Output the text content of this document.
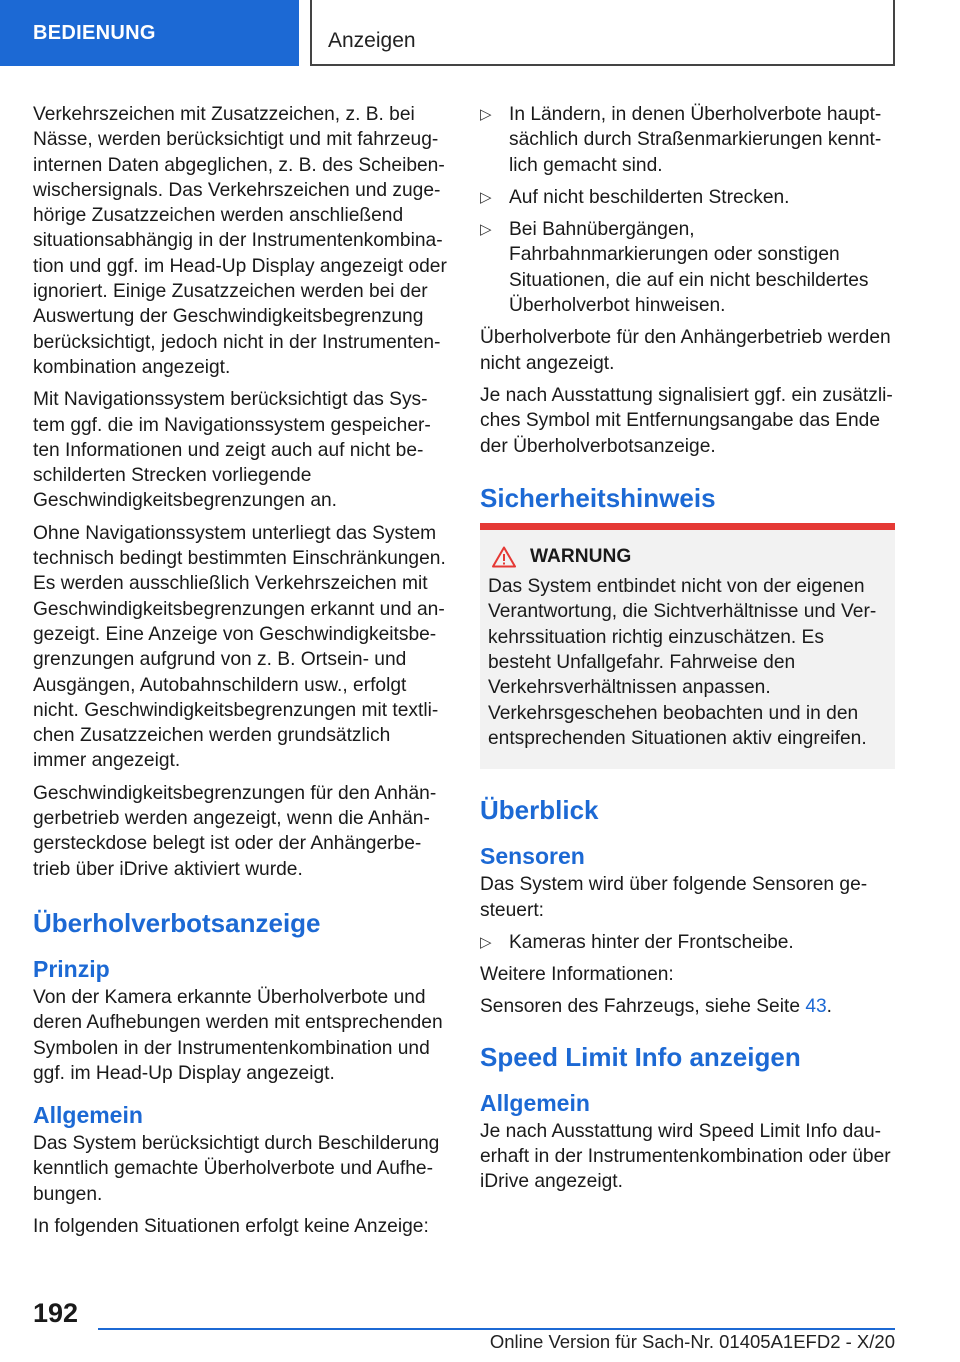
BEDIENUNG	Anzeigen

Verkehrszeichen mit Zusatzzeichen, z. B. bei Nässe, werden berücksichtigt und mit fahrzeuginternen Daten abgeglichen, z. B. des Scheibenwischersignals. Das Verkehrszeichen und zugehörige Zusatzzeichen werden anschließend situationsabhängig in der Instrumentenkombination und ggf. im Head-Up Display angezeigt oder ignoriert. Einige Zusatzzeichen werden bei der Auswertung der Geschwindigkeitsbegrenzung berücksichtigt, jedoch nicht in der Instrumentenkombination angezeigt.

Mit Navigationssystem berücksichtigt das System ggf. die im Navigationssystem gespeicherten Informationen und zeigt auch auf nicht beschilderten Strecken vorliegende Geschwindigkeitsbegrenzungen an.

Ohne Navigationssystem unterliegt das System technisch bedingt bestimmten Einschränkungen. Es werden ausschließlich Verkehrszeichen mit Geschwindigkeitsbegrenzungen erkannt und angezeigt. Eine Anzeige von Geschwindigkeitsbegrenzungen aufgrund von z. B. Ortsein- und Ausgängen, Autobahnschildern usw., erfolgt nicht. Geschwindigkeitsbegrenzungen mit textlichen Zusatzzeichen werden grundsätzlich immer angezeigt.

Geschwindigkeitsbegrenzungen für den Anhängerbetrieb werden angezeigt, wenn die Anhängersteckdose belegt ist oder der Anhängerbetrieb über iDrive aktiviert wurde.

Überholverbotsanzeige
Prinzip

Von der Kamera erkannte Überholverbote und deren Aufhebungen werden mit entsprechenden Symbolen in der Instrumentenkombination und ggf. im Head-Up Display angezeigt.

Allgemein

Das System berücksichtigt durch Beschilderung kenntlich gemachte Überholverbote und Aufhebungen.

In folgenden Situationen erfolgt keine Anzeige:

▷ In Ländern, in denen Überholverbote hauptsächlich durch Straßenmarkierungen kenntlich gemacht sind.
▷ Auf nicht beschilderten Strecken.
▷ Bei Bahnübergängen, Fahrbahnmarkierungen oder sonstigen Situationen, die auf ein nicht beschildertes Überholverbot hinweisen.

Überholverbote für den Anhängerbetrieb werden nicht angezeigt.

Je nach Ausstattung signalisiert ggf. ein zusätzliches Symbol mit Entfernungsangabe das Ende der Überholverbotsanzeige.

Sicherheitshinweis
WARNUNG
Das System entbindet nicht von der eigenen Verantwortung, die Sichtverhältnisse und Verkehrssituation richtig einzuschätzen. Es besteht Unfallgefahr. Fahrweise den Verkehrsverhältnissen anpassen. Verkehrsgeschehen beobachten und in den entsprechenden Situationen aktiv eingreifen.
Überblick
Sensoren

Das System wird über folgende Sensoren gesteuert:

▷ Kameras hinter der Frontscheibe.

Weitere Informationen:

Sensoren des Fahrzeugs, siehe Seite 43.

Speed Limit Info anzeigen
Allgemein

Je nach Ausstattung wird Speed Limit Info dauerhaft in der Instrumentenkombination oder über iDrive angezeigt.

192
Online Version für Sach-Nr. 01405A1EFD2 - X/20
